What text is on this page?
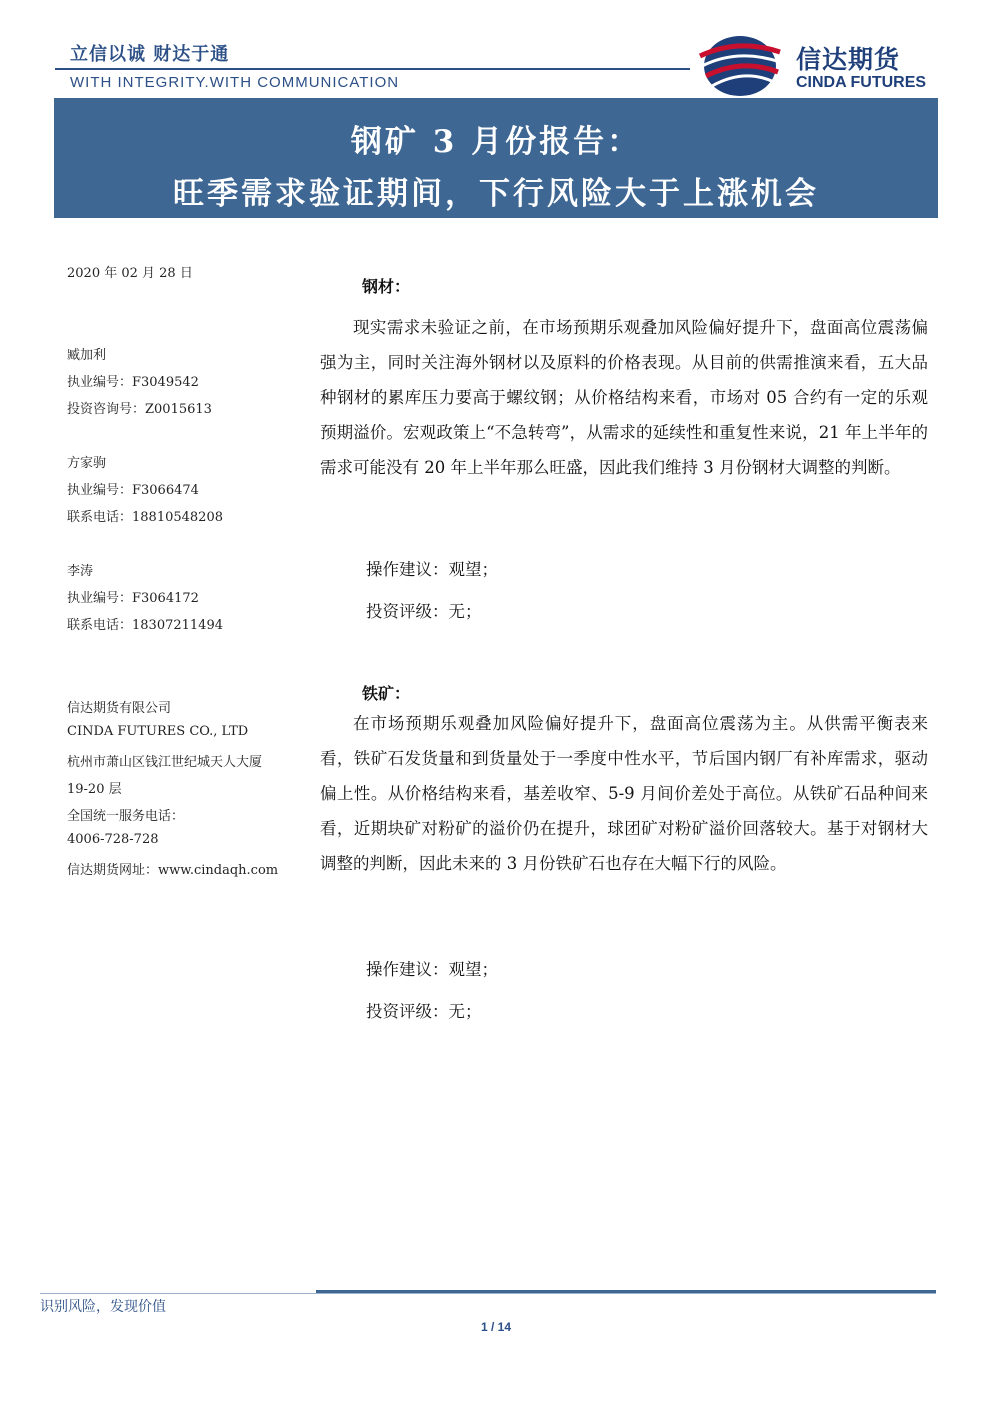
立信以诚 财达于通
WITH INTEGRITY.WITH COMMUNICATION
信达期货
CINDA FUTURES
钢矿 3 月份报告：
旺季需求验证期间，下行风险大于上涨机会
2020 年 02 月 28 日
臧加利
执业编号：F3049542
投资咨询号：Z0015613
方家驹
执业编号：F3066474
联系电话：18810548208
李涛
执业编号：F3064172
联系电话：18307211494
信达期货有限公司
CINDA FUTURES CO., LTD
杭州市萧山区钱江世纪城天人大厦
19-20 层
全国统一服务电话：
4006-728-728
信达期货网址：www.cindaqh.com
钢材：

现实需求未验证之前，在市场预期乐观叠加风险偏好提升下，盘面高位震荡偏强为主，同时关注海外钢材以及原料的价格表现。从目前的供需推演来看，五大品种钢材的累库压力要高于螺纹钢；从价格结构来看，市场对 05 合约有一定的乐观预期溢价。宏观政策上“不急转弯”，从需求的延续性和重复性来说，21 年上半年的需求可能没有 20 年上半年那么旺盛，因此我们维持 3 月份钢材大调整的判断。

操作建议：观望；
投资评级：无；
铁矿：

在市场预期乐观叠加风险偏好提升下，盘面高位震荡为主。从供需平衡表来看，铁矿石发货量和到货量处于一季度中性水平，节后国内钢厂有补库需求，驱动偏上性。从价格结构来看，基差收窄、5-9 月间价差处于高位。从铁矿石品种间来看，近期块矿对粉矿的溢价仍在提升，球团矿对粉矿溢价回落较大。基于对钢材大调整的判断，因此未来的 3 月份铁矿石也存在大幅下行的风险。

操作建议：观望；
投资评级：无；
识别风险，发现价值
1 / 14
